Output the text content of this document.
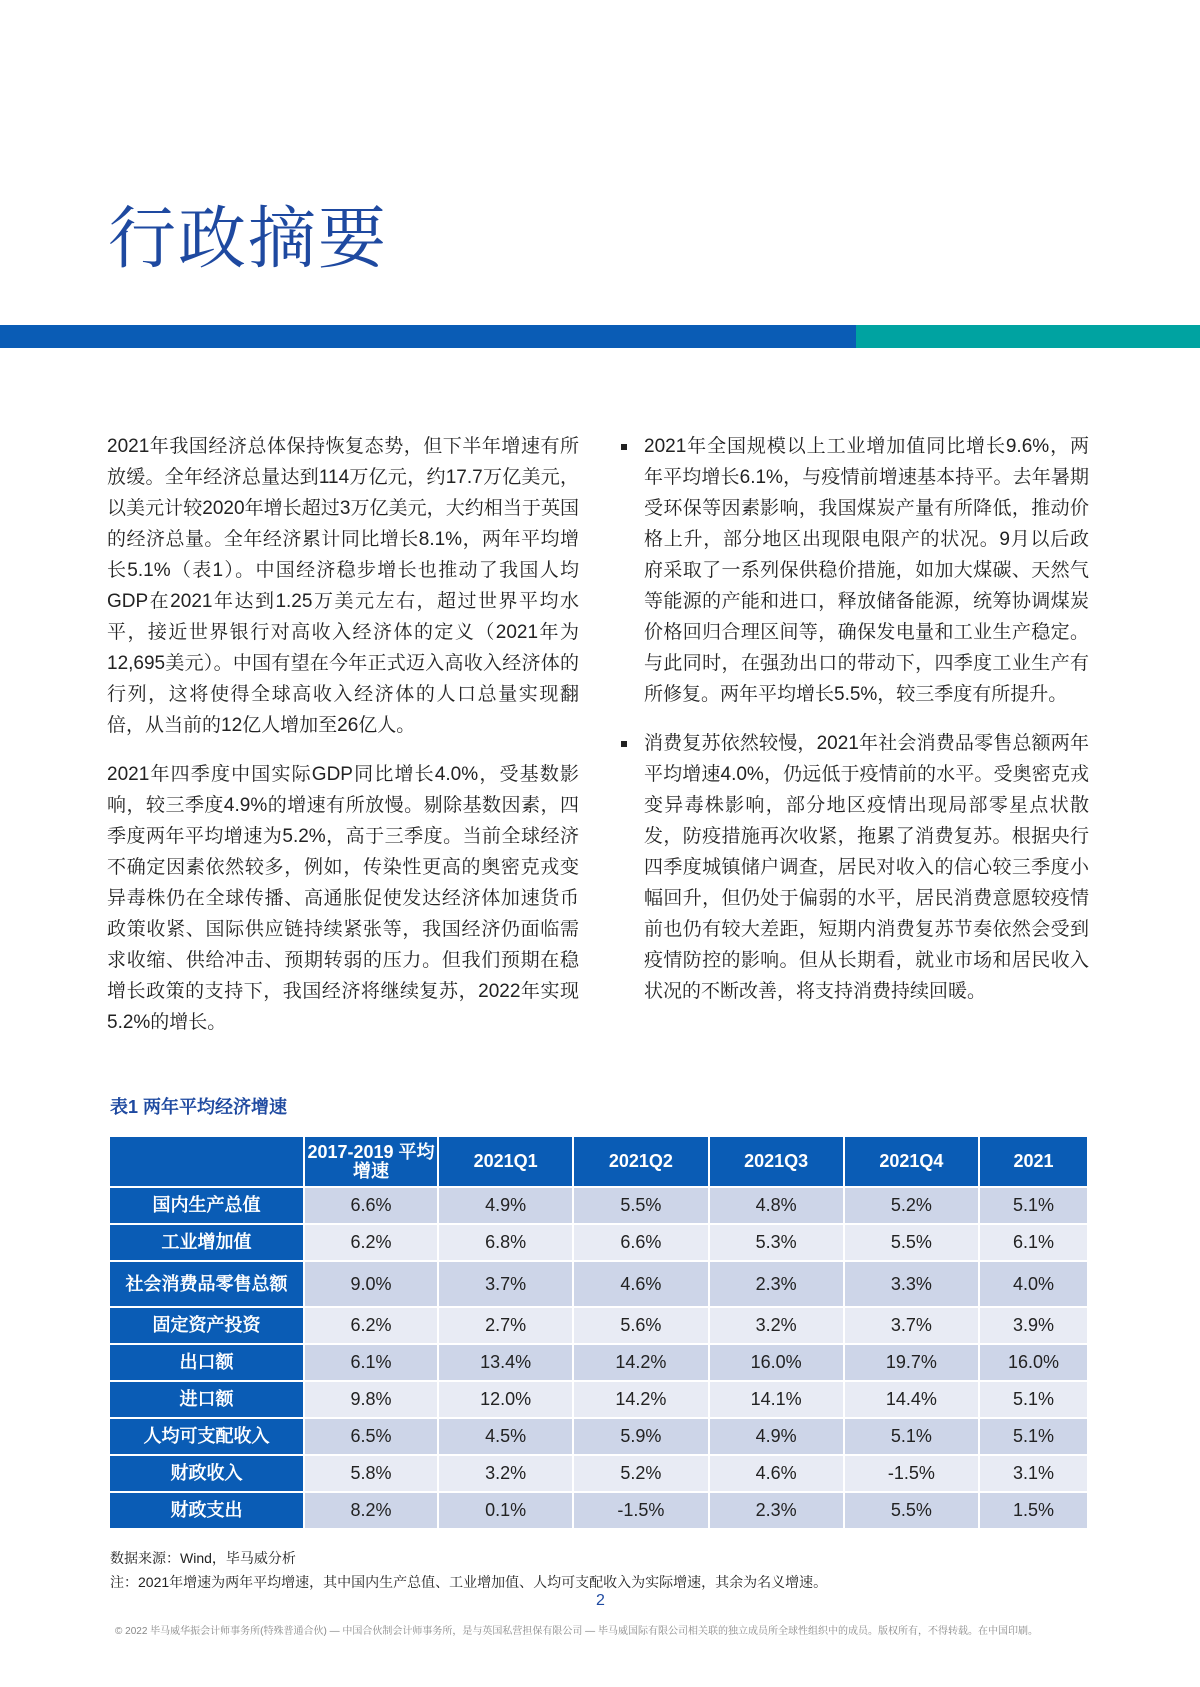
行政摘要

2021年我国经济总体保持恢复态势，但下半年增速有所放缓。全年经济总量达到114万亿元，约17.7万亿美元，以美元计较2020年增长超过3万亿美元，大约相当于英国的经济总量。全年经济累计同比增长8.1%，两年平均增长5.1%（表1）。中国经济稳步增长也推动了我国人均GDP在2021年达到1.25万美元左右，超过世界平均水平，接近世界银行对高收入经济体的定义（2021年为12,695美元）。中国有望在今年正式迈入高收入经济体的行列，这将使得全球高收入经济体的人口总量实现翻倍，从当前的12亿人增加至26亿人。

2021年四季度中国实际GDP同比增长4.0%，受基数影响，较三季度4.9%的增速有所放慢。剔除基数因素，四季度两年平均增速为5.2%，高于三季度。当前全球经济不确定因素依然较多，例如，传染性更高的奥密克戎变异毒株仍在全球传播、高通胀促使发达经济体加速货币政策收紧、国际供应链持续紧张等，我国经济仍面临需求收缩、供给冲击、预期转弱的压力。但我们预期在稳增长政策的支持下，我国经济将继续复苏，2022年实现5.2%的增长。

2021年全国规模以上工业增加值同比增长9.6%，两年平均增长6.1%，与疫情前增速基本持平。去年暑期受环保等因素影响，我国煤炭产量有所降低，推动价格上升，部分地区出现限电限产的状况。9月以后政府采取了一系列保供稳价措施，如加大煤碳、天然气等能源的产能和进口，释放储备能源，统筹协调煤炭价格回归合理区间等，确保发电量和工业生产稳定。与此同时，在强劲出口的带动下，四季度工业生产有所修复。两年平均增长5.5%，较三季度有所提升。
消费复苏依然较慢，2021年社会消费品零售总额两年平均增速4.0%，仍远低于疫情前的水平。受奥密克戎变异毒株影响，部分地区疫情出现局部零星点状散发，防疫措施再次收紧，拖累了消费复苏。根据央行四季度城镇储户调查，居民对收入的信心较三季度小幅回升，但仍处于偏弱的水平，居民消费意愿较疫情前也仍有较大差距，短期内消费复苏节奏依然会受到疫情防控的影响。但从长期看，就业市场和居民收入状况的不断改善，将支持消费持续回暖。
表1 两年平均经济增速
	2017-2019 平均增速	2021Q1	2021Q2	2021Q3	2021Q4	2021
国内生产总值	6.6%	4.9%	5.5%	4.8%	5.2%	5.1%
工业增加值	6.2%	6.8%	6.6%	5.3%	5.5%	6.1%
社会消费品零售总额	9.0%	3.7%	4.6%	2.3%	3.3%	4.0%
固定资产投资	6.2%	2.7%	5.6%	3.2%	3.7%	3.9%
出口额	6.1%	13.4%	14.2%	16.0%	19.7%	16.0%
进口额	9.8%	12.0%	14.2%	14.1%	14.4%	5.1%
人均可支配收入	6.5%	4.5%	5.9%	4.9%	5.1%	5.1%
财政收入	5.8%	3.2%	5.2%	4.6%	-1.5%	3.1%
财政支出	8.2%	0.1%	-1.5%	2.3%	5.5%	1.5%
数据来源：Wind，毕马威分析
注：2021年增速为两年平均增速，其中国内生产总值、工业增加值、人均可支配收入为实际增速，其余为名义增速。
2
© 2022 毕马威华振会计师事务所(特殊普通合伙) — 中国合伙制会计师事务所，是与英国私营担保有限公司 — 毕马威国际有限公司相关联的独立成员所全球性组织中的成员。版权所有，不得转载。在中国印刷。
